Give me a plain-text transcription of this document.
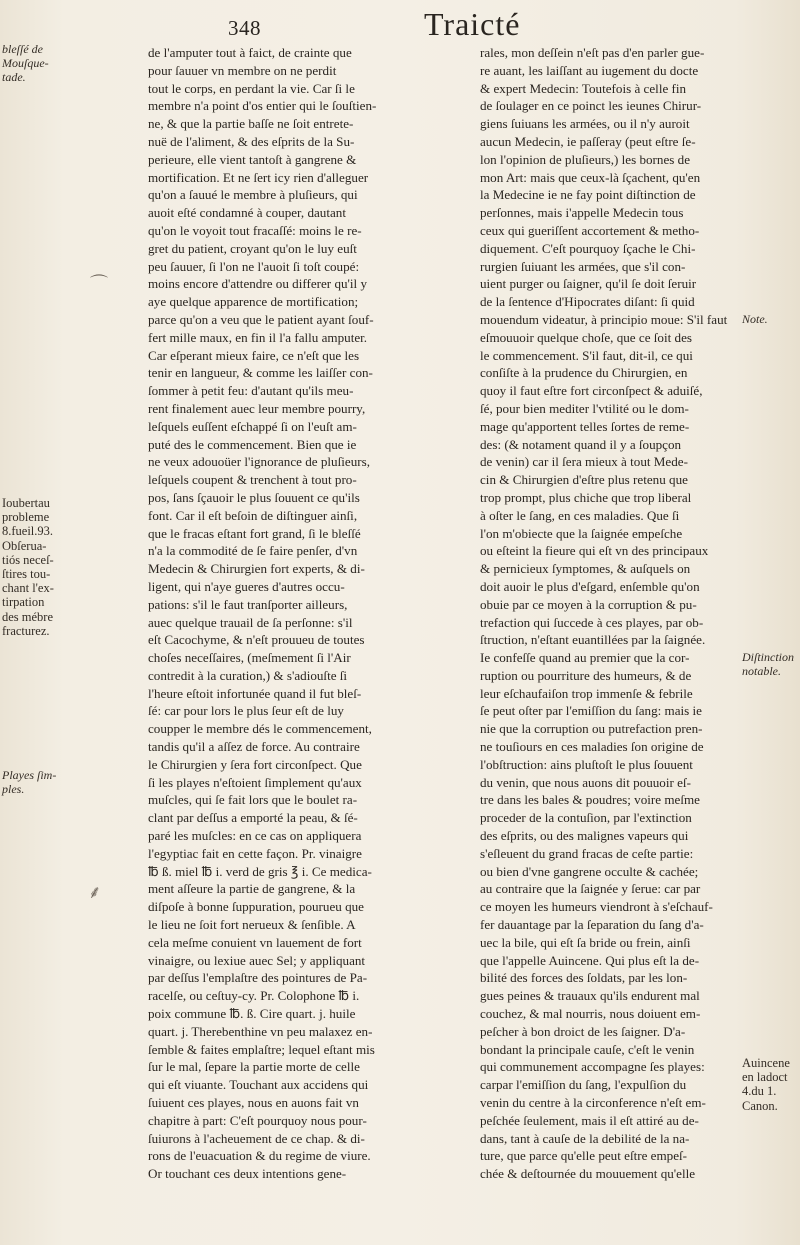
348	Traicté

bleſſé de

Mouſque-

tade.

Ioubertau

probleme

8.fueil.93.

Obſerua-

tiós neceſ-

ſtires tou-

chant l'ex-

tirpation

des mébre

fracturez.

Playes ſim-

ples.

Note.

Diſtinction

notable.

Auincene

en ladoct

4.du 1.

Canon.

⌒
⸙

de l'amputer tout à faict, de crainte que

pour ſauuer vn membre on ne perdit

tout le corps, en perdant la vie. Car ſi le

membre n'a point d'os entier qui le ſouſtien-

ne, & que la partie baſſe ne ſoit entrete-

nuë de l'aliment, & des eſprits de la Su-

perieure, elle vient tantoſt à gangrene &

mortification. Et ne ſert icy rien d'alleguer

qu'on a ſauué le membre à pluſieurs, qui

auoit eſté condamné à couper, dautant

qu'on le voyoit tout fracaſſé: moins le re-

gret du patient, croyant qu'on le luy euſt

peu ſauuer, ſi l'on ne l'auoit ſi toſt coupé:

moins encore d'attendre ou differer qu'il y

aye quelque apparence de mortification;

parce qu'on a veu que le patient ayant ſouf-

fert mille maux, en fin il l'a fallu amputer.

Car eſperant mieux faire, ce n'eſt que les

tenir en langueur, & comme les laiſſer con-

ſommer à petit feu: d'autant qu'ils meu-

rent finalement auec leur membre pourry,

leſquels euſſent eſchappé ſi on l'euſt am-

puté des le commencement. Bien que ie

ne veux adouoüer l'ignorance de pluſieurs,

leſquels coupent & trenchent à tout pro-

pos, ſans ſçauoir le plus ſouuent ce qu'ils

font. Car il eſt beſoin de diſtinguer ainſi,

que le fracas eſtant fort grand, ſi le bleſſé

n'a la commodité de ſe faire penſer, d'vn

Medecin & Chirurgien fort experts, & di-

ligent, qui n'aye gueres d'autres occu-

pations: s'il le faut tranſporter ailleurs,

auec quelque trauail de ſa perſonne: s'il

eſt Cacochyme, & n'eſt prouueu de toutes

choſes neceſſaires, (meſmement ſi l'Air

contredit à la curation,) & s'adiouſte ſi

l'heure eſtoit infortunée quand il fut bleſ-

ſé: car pour lors le plus ſeur eſt de luy

coupper le membre dés le commencement,

tandis qu'il a aſſez de force. Au contraire

le Chirurgien y ſera fort circonſpect. Que

ſi les playes n'eſtoient ſimplement qu'aux

muſcles, qui ſe fait lors que le boulet ra-

clant par deſſus a emporté la peau, & ſé-

paré les muſcles: en ce cas on appliquera

l'egyptiac fait en cette façon. Pr. vinaigre

℔ ß. miel ℔ i. verd de gris ℥ i. Ce medica-

ment aſſeure la partie de gangrene, & la

diſpoſe à bonne ſuppuration, pourueu que

le lieu ne ſoit fort nerueux & ſenſible. A

cela meſme conuient vn lauement de fort

vinaigre, ou lexiue auec Sel; y appliquant

par deſſus l'emplaſtre des pointures de Pa-

racelſe, ou ceſtuy-cy. Pr. Colophone ℔ i.

poix commune ℔. ß. Cire quart. j. huile

quart. j. Therebenthine vn peu malaxez en-

ſemble & faites emplaſtre; lequel eſtant mis

ſur le mal, ſepare la partie morte de celle

qui eſt viuante. Touchant aux accidens qui

ſuiuent ces playes, nous en auons fait vn

chapitre à part: C'eſt pourquoy nous pour-

ſuiurons à l'acheuement de ce chap. & di-

rons de l'euacuation & du regime de viure.

Or touchant ces deux intentions gene-

rales, mon deſſein n'eſt pas d'en parler gue-

re auant, les laiſſant au iugement du docte

& expert Medecin: Toutefois à celle fin

de ſoulager en ce poinct les ieunes Chirur-

giens ſuiuans les armées, ou il n'y auroit

aucun Medecin, ie paſſeray (peut eſtre ſe-

lon l'opinion de pluſieurs,) les bornes de

mon Art: mais que ceux-là ſçachent, qu'en

la Medecine ie ne fay point diſtinction de

perſonnes, mais i'appelle Medecin tous

ceux qui gueriſſent accortement & metho-

diquement. C'eſt pourquoy ſçache le Chi-

rurgien ſuiuant les armées, que s'il con-

uient purger ou ſaigner, qu'il ſe doit ſeruir

de la ſentence d'Hipocrates diſant: ſi quid

mouendum videatur, à principio moue: S'il faut

eſmouuoir quelque choſe, que ce ſoit des

le commencement. S'il faut, dit-il, ce qui

conſiſte à la prudence du Chirurgien, en

quoy il faut eſtre fort circonſpect & aduiſé,

ſé, pour bien mediter l'vtilité ou le dom-

mage qu'apportent telles ſortes de reme-

des: (& notament quand il y a ſoupçon

de venin) car il ſera mieux à tout Mede-

cin & Chirurgien d'eſtre plus retenu que

trop prompt, plus chiche que trop liberal

à oſter le ſang, en ces maladies. Que ſi

l'on m'obiecte que la ſaignée empeſche

ou eſteint la fieure qui eſt vn des principaux

& pernicieux ſymptomes, & auſquels on

doit auoir le plus d'eſgard, enſemble qu'on

obuie par ce moyen à la corruption & pu-

trefaction qui ſuccede à ces playes, par ob-

ſtruction, n'eſtant euantillées par la ſaignée.

Ie confeſſe quand au premier que la cor-

ruption ou pourriture des humeurs, & de

leur eſchaufaiſon trop immenſe & febrile

ſe peut oſter par l'emiſſion du ſang: mais ie

nie que la corruption ou putrefaction pren-

ne touſiours en ces maladies ſon origine de

l'obſtruction: ains pluſtoſt le plus ſouuent

du venin, que nous auons dit pouuoir eſ-

tre dans les bales & poudres; voire meſme

proceder de la contuſion, par l'extinction

des eſprits, ou des malignes vapeurs qui

s'eſleuent du grand fracas de ceſte partie:

ou bien d'vne gangrene occulte & cachée;

au contraire que la ſaignée y ſerue: car par

ce moyen les humeurs viendront à s'eſchauf-

fer dauantage par la ſeparation du ſang d'a-

uec la bile, qui eſt ſa bride ou frein, ainſi

que l'appelle Auincene. Qui plus eſt la de-

bilité des forces des ſoldats, par les lon-

gues peines & trauaux qu'ils endurent mal

couchez, & mal nourris, nous doiuent em-

peſcher à bon droict de les ſaigner. D'a-

bondant la principale cauſe, c'eſt le venin

qui communement accompagne ſes playes:

carpar l'emiſſion du ſang, l'expulſion du

venin du centre à la circonference n'eſt em-

peſchée ſeulement, mais il eſt attiré au de-

dans, tant à cauſe de la debilité de la na-

ture, que parce qu'elle peut eſtre empeſ-

chée & deſtournée du mouuement qu'elle
